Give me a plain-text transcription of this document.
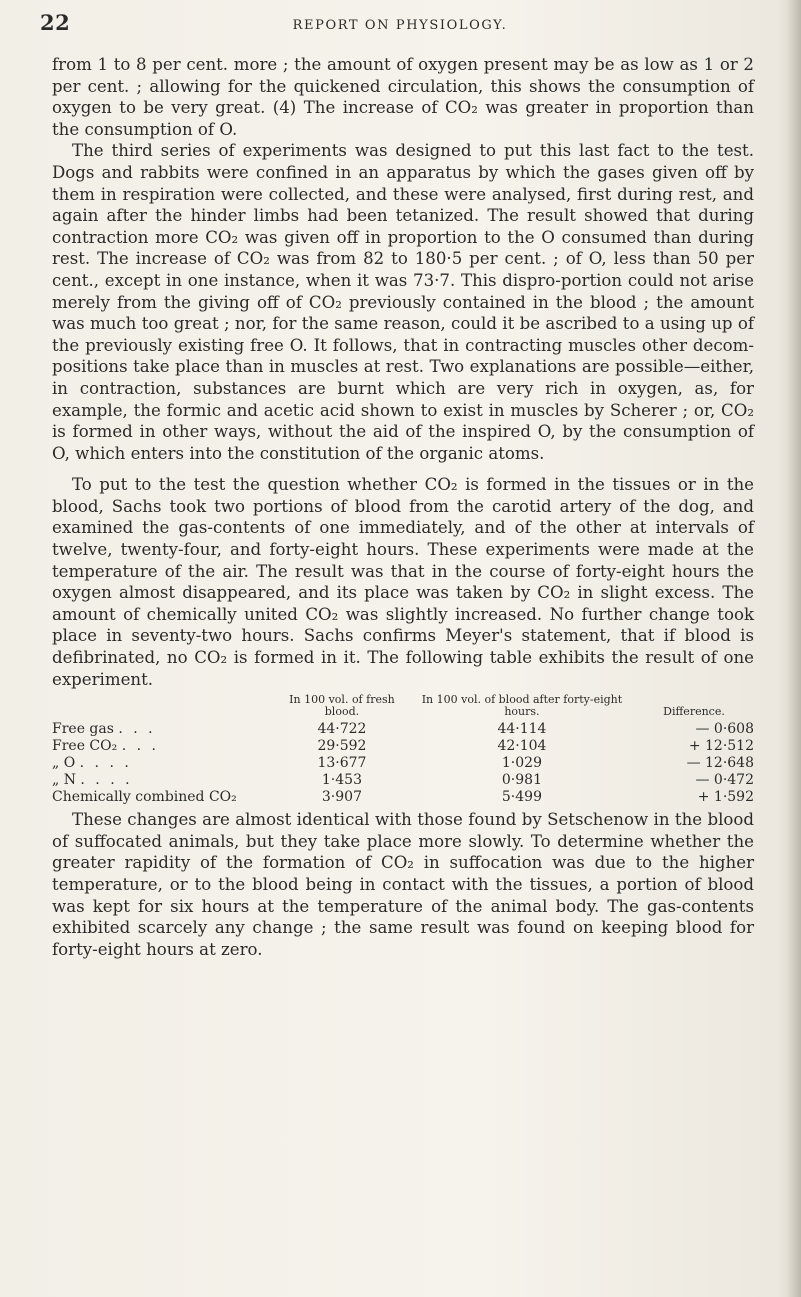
22	REPORT ON PHYSIOLOGY.

from 1 to 8 per cent. more ; the amount of oxygen present may be as low as 1 or 2 per cent. ; allowing for the quickened circulation, this shows the consumption of oxygen to be very great. (4) The increase of CO₂ was greater in proportion than the consumption of O.

The third series of experiments was designed to put this last fact to the test. Dogs and rabbits were confined in an apparatus by which the gases given off by them in respiration were collected, and these were analysed, first during rest, and again after the hinder limbs had been tetanized. The result showed that during contraction more CO₂ was given off in proportion to the O consumed than during rest. The increase of CO₂ was from 82 to 180·5 per cent. ; of O, less than 50 per cent., except in one instance, when it was 73·7. This dispro-portion could not arise merely from the giving off of CO₂ previously contained in the blood ; the amount was much too great ; nor, for the same reason, could it be ascribed to a using up of the previously existing free O. It follows, that in contracting muscles other decom-positions take place than in muscles at rest. Two explanations are possible—either, in contraction, substances are burnt which are very rich in oxygen, as, for example, the formic and acetic acid shown to exist in muscles by Scherer ; or, CO₂ is formed in other ways, without the aid of the inspired O, by the consumption of O, which enters into the constitution of the organic atoms.

To put to the test the question whether CO₂ is formed in the tissues or in the blood, Sachs took two portions of blood from the carotid artery of the dog, and examined the gas-contents of one immediately, and of the other at intervals of twelve, twenty-four, and forty-eight hours. These experiments were made at the temperature of the air. The result was that in the course of forty-eight hours the oxygen almost disappeared, and its place was taken by CO₂ in slight excess. The amount of chemically united CO₂ was slightly increased. No further change took place in seventy-two hours. Sachs confirms Meyer's statement, that if blood is defibrinated, no CO₂ is formed in it. The following table exhibits the result of one experiment.

	In 100 vol. of fresh blood.	In 100 vol. of blood after forty-eight hours.	Difference.
Free gas . . .	44·722	44·114	— 0·608
Free CO₂ . . .	29·592	42·104	+ 12·512
„ O . . . .	13·677	1·029	— 12·648
„ N . . . .	1·453	0·981	— 0·472
Chemically combined CO₂	3·907	5·499	+ 1·592

These changes are almost identical with those found by Setschenow in the blood of suffocated animals, but they take place more slowly. To determine whether the greater rapidity of the formation of CO₂ in suffocation was due to the higher temperature, or to the blood being in contact with the tissues, a portion of blood was kept for six hours at the temperature of the animal body. The gas-contents exhibited scarcely any change ; the same result was found on keeping blood for forty-eight hours at zero.
